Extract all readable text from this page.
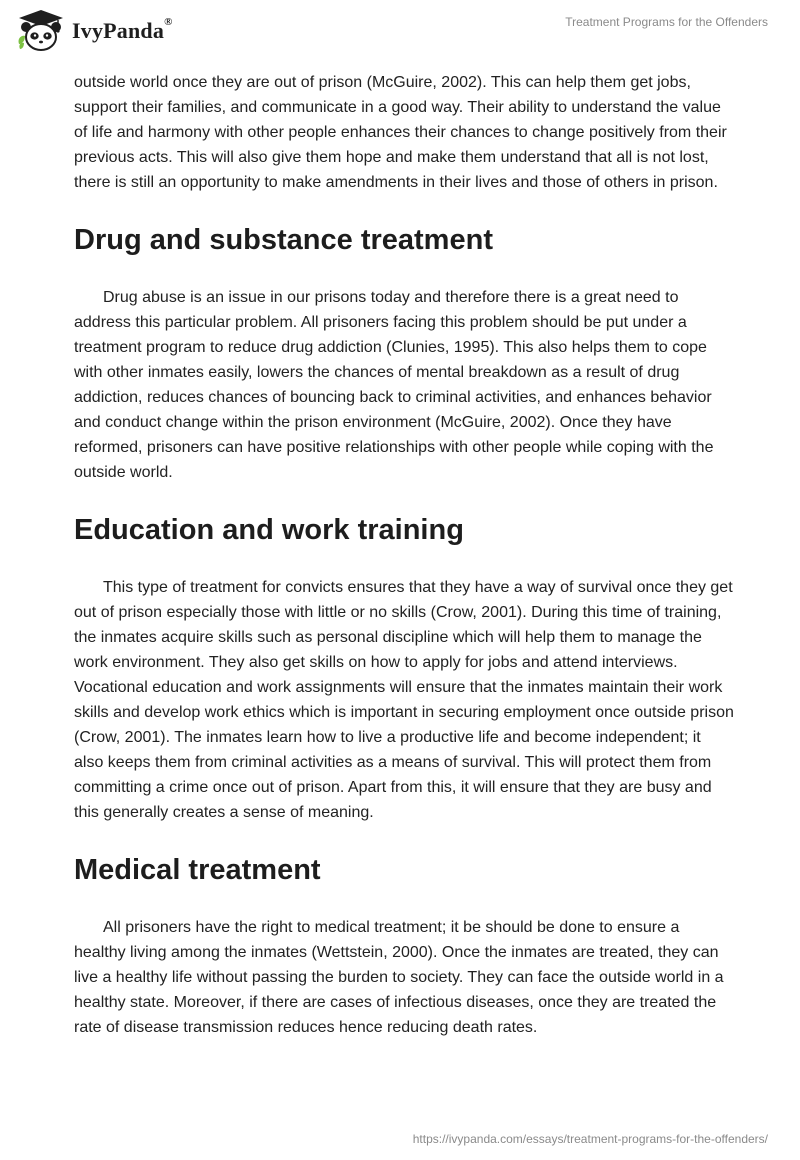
IvyPanda®	Treatment Programs for the Offenders

outside world once they are out of prison (McGuire, 2002). This can help them get jobs, support their families, and communicate in a good way. Their ability to understand the value of life and harmony with other people enhances their chances to change positively from their previous acts. This will also give them hope and make them understand that all is not lost, there is still an opportunity to make amendments in their lives and those of others in prison.

Drug and substance treatment

Drug abuse is an issue in our prisons today and therefore there is a great need to address this particular problem. All prisoners facing this problem should be put under a treatment program to reduce drug addiction (Clunies, 1995). This also helps them to cope with other inmates easily, lowers the chances of mental breakdown as a result of drug addiction, reduces chances of bouncing back to criminal activities, and enhances behavior and conduct change within the prison environment (McGuire, 2002). Once they have reformed, prisoners can have positive relationships with other people while coping with the outside world.

Education and work training

This type of treatment for convicts ensures that they have a way of survival once they get out of prison especially those with little or no skills (Crow, 2001). During this time of training, the inmates acquire skills such as personal discipline which will help them to manage the work environment. They also get skills on how to apply for jobs and attend interviews. Vocational education and work assignments will ensure that the inmates maintain their work skills and develop work ethics which is important in securing employment once outside prison (Crow, 2001). The inmates learn how to live a productive life and become independent; it also keeps them from criminal activities as a means of survival. This will protect them from committing a crime once out of prison. Apart from this, it will ensure that they are busy and this generally creates a sense of meaning.

Medical treatment

All prisoners have the right to medical treatment; it be should be done to ensure a healthy living among the inmates (Wettstein, 2000). Once the inmates are treated, they can live a healthy life without passing the burden to society. They can face the outside world in a healthy state. Moreover, if there are cases of infectious diseases, once they are treated the rate of disease transmission reduces hence reducing death rates.

https://ivypanda.com/essays/treatment-programs-for-the-offenders/
